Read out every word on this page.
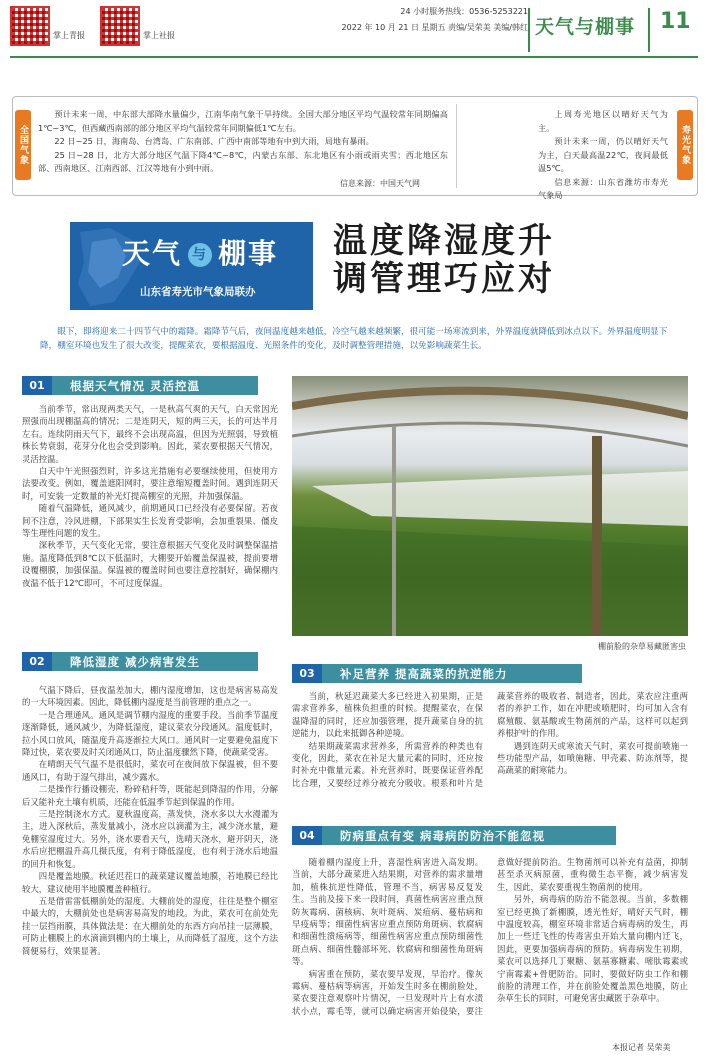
掌上青报	掌上社报
24 小时服务热线：0536-5253221
2022 年 10 月 21 日 星期五 责编/吴荣美 美编/韩红 天气与棚事 11
全国气象	寿光气象
预计未来一周，中东部大部降水量偏少，江南华南气象干旱持续。全国大部分地区平均气温较常年同期偏高1℃~3℃，但西藏西南部的部分地区平均气温较常年同期偏低1℃左右。
22 日~25 日，海南岛、台湾岛、广东南部、广西中南部等地有中到大雨，局地有暴雨。
25 日~28 日，北方大部分地区气温下降4℃~8℃，内蒙古东部、东北地区有小雨或雨夹雪；西北地区东部、西南地区、江南西部、江汉等地有小到中雨。
信息来源：中国天气网
上周寿光地区以晴好天气为主。
预计未来一周，仍以晴好天气为主，白天最高温22℃，夜间最低温5℃。
信息来源：山东省潍坊市寿光气象局
天气 与 棚事
山东省寿光市气象局联办
温度降湿度升
调管理巧应对
眼下，即将迎来二十四节气中的霜降。霜降节气后，夜间温度越来越低，冷空气越来越频繁，很可能一场寒流到来，外界温度就降低到冰点以下。外界温度明显下降，棚室环境也发生了很大改变，提醒菜农，要根据温度、光照条件的变化，及时调整管理措施，以免影响蔬菜生长。
01	根据天气情况 灵活控温

当前季节，常出现两类天气，一是秋高气爽的天气，白天常因光照强而出现棚温高的情况；二是连阴天，短的两三天，长的可达半月左右。连续阴雨天气下，最终不会出现高温，但因为光照弱，导致植株长势衰弱，花芽分化也会受到影响。因此，菜农要根据天气情况，灵活控温。

白天中午光照强烈时，许多这光措施有必要继续使用，但使用方法要改变。例如，覆盖遮阳网时，要注意缩短覆盖时间。遇到连阴天时，可安装一定数量的补光灯提高棚室的光照，并加强保温。

随着气温降低，通风减少，前期通风口已经没有必要保留。若夜间不注意，冷风进棚，下部果实生长发育受影响，会加重裂果、僵皮等生理性问题的发生。

深秋季节，天气变化无常，要注意根据天气变化及时调整保温措施。温度降低到8℃以下低温时，大棚要开始覆盖保温被，提前要增设覆棚膜，加强保温。保温被的覆盖时间也要注意控制好，确保棚内夜温不低于12℃即可，不可过度保温。

棚前脸的杂草易藏匿害虫
02	降低湿度 减少病害发生

气温下降后，昼夜温差加大，棚内湿度增加，这也是病害易高发的一大环境因素。因此，降低棚内湿度是当前管理的重点之一。

一是合理通风。通风是调节棚内湿度的重要手段。当前季节温度逐渐降低，通风减少，为降低湿度，建议菜农分段通风。温度低时，拉小风口放风，随温度升高逐渐拉大风口。通风时一定要避免温度下降过快，菜农要及时关闭通风口，防止温度骤然下降，使蔬菜受害。

在晴朗天气气温不是很低时，菜农可在夜间放下保温被，但不要通风口，有助于湿气排出，减少露水。

二是操作行播设棚壳、粉碎秸秆等，既能起到降湿的作用，分解后又能补充土壤有机质，还能在低温季节起到保温的作用。

三是控制浇水方式。夏秋温度高，蒸发快，浇水多以大水漫灌为主，进入深秋后，蒸发量减小，浇水应以滴灌为主，减少浇水量，避免棚室湿度过大。另外，浇水要看天气，选晴天浇水，避开阴天，浇水后应把棚温升高几摄氏度，有利于降低湿度，也有利于浇水后地温的回升和恢复。

四是覆盖地膜。秋延迟茬口的蔬菜建议覆盖地膜，若地膜已经比较大，建议使用半地膜覆盖种植行。

五是借雷雷低棚前处的湿度。大棚前处的湿度，往往是整个棚室中最大的，大棚前处也是病害易高发的地段。为此，菜农可在前处先挂一层挡雨膜，具体做法是：在大棚前处的东西方向吊挂一层薄膜，可防止棚膜上的水滴滴到棚内的土壤上，从而降低了湿度，这个方法简便易行，效果显著。

03	补足营养 提高蔬菜的抗逆能力

当前，秋延迟蔬菜大多已经进入初果期，正是需求营养多，植株负担重的时候。提醒菜农，在保温降湿的同时，还应加强管理，提升蔬菜自身的抗逆能力，以此来抵御各种逆境。

结果期蔬菜需求营养多，所需营养的种类也有变化，因此，菜农在补足大量元素的同时，还应按时补充中微量元素。补充营养时，既要保证营养配比合理，又要经过养分被充分吸收。根系和叶片是蔬菜营养的吸收者、制造者，因此，菜农应注重两者的养护工作，如在冲肥或喷肥时，均可加入含有腐殖酸、氨基酸或生物菌剂的产品，这样可以起到养根护叶的作用。

遇到连阴天或寒流天气时，菜农可提前喷施一些功能型产品，如喷施糖、甲壳素、防冻剂等，提高蔬菜的耐寒能力。

04	防病重点有变 病毒病的防治不能忽视

随着棚内湿度上升，喜湿性病害进入高发期。当前，大部分蔬菜进入结果期，对营养的需求量增加，植株抗逆性降低，管理不当，病害易反复发生。当前及接下来一段时间，真菌性病害应重点预防灰霉病、菌核病、灰叶斑病、炭疽病、蔓枯病和早疫病等；细菌性病害应重点预防角斑病、软腐病和细菌性溃疡病等，细菌性病害应重点预防细菌性斑点病、细菌性髓部坏死、软腐病和细菌性角斑病等。

病害重在预防，菜农要早发现，早治疗。像灰霉病、蔓枯病等病害，开始发生时多在棚前脸处，菜农要注意观察叶片情况，一旦发现叶片上有水渍状小点，霉毛等，就可以确定病害开始侵染，要注意做好提前防治。生物菌剂可以补充有益菌，抑制甚至杀灭病原菌，重构微生态平衡，减少病害发生，因此，菜农要重视生物菌剂的使用。

另外，病毒病的防治不能忽视。当前，多数棚室已经更换了新棚膜，透光性好，晴好天气时，棚中温度较高，棚室环境非常适合病毒病的发生，再加上一些迁飞性的传毒害虫开始大量向棚内迁飞，因此，更要加强病毒病的预防。病毒病发生初期，菜农可以选择几丁聚糖、氨基寡糖素、嘧肽霉素或宁南霉素+骨肥防治。同时，要做好防虫工作和棚前脸的清理工作，并在前脸处覆盖黑色地膜，防止杂草生长的同时，可避免害虫藏匿于杂草中。

本报记者 吴荣美
